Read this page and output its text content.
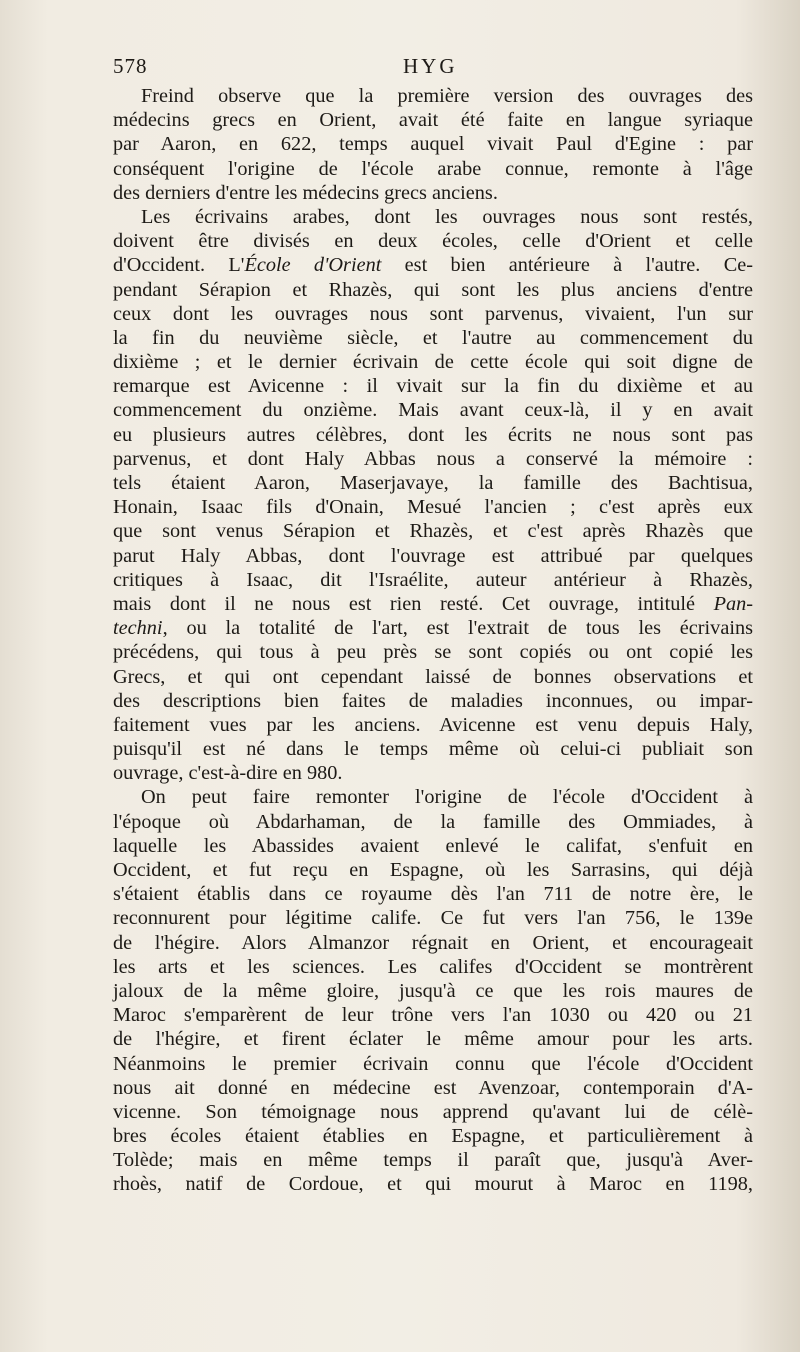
578	HYG
Freind observe que la première version des ouvrages des
médecins grecs en Orient, avait été faite en langue syriaque
par Aaron, en 622, temps auquel vivait Paul d'Egine : par
conséquent l'origine de l'école arabe connue, remonte à l'âge
des derniers d'entre les médecins grecs anciens.
Les écrivains arabes, dont les ouvrages nous sont restés,
doivent être divisés en deux écoles, celle d'Orient et celle
d'Occident. L'École d'Orient est bien antérieure à l'autre. Ce-
pendant Sérapion et Rhazès, qui sont les plus anciens d'entre
ceux dont les ouvrages nous sont parvenus, vivaient, l'un sur
la fin du neuvième siècle, et l'autre au commencement du
dixième ; et le dernier écrivain de cette école qui soit digne de
remarque est Avicenne : il vivait sur la fin du dixième et au
commencement du onzième. Mais avant ceux-là, il y en avait
eu plusieurs autres célèbres, dont les écrits ne nous sont pas
parvenus, et dont Haly Abbas nous a conservé la mémoire :
tels étaient Aaron, Maserjavaye, la famille des Bachtisua,
Honain, Isaac fils d'Onain, Mesué l'ancien ; c'est après eux
que sont venus Sérapion et Rhazès, et c'est après Rhazès que
parut Haly Abbas, dont l'ouvrage est attribué par quelques
critiques à Isaac, dit l'Israélite, auteur antérieur à Rhazès,
mais dont il ne nous est rien resté. Cet ouvrage, intitulé Pan-
techni, ou la totalité de l'art, est l'extrait de tous les écrivains
précédens, qui tous à peu près se sont copiés ou ont copié les
Grecs, et qui ont cependant laissé de bonnes observations et
des descriptions bien faites de maladies inconnues, ou impar-
faitement vues par les anciens. Avicenne est venu depuis Haly,
puisqu'il est né dans le temps même où celui-ci publiait son
ouvrage, c'est-à-dire en 980.
On peut faire remonter l'origine de l'école d'Occident à
l'époque où Abdarhaman, de la famille des Ommiades, à
laquelle les Abassides avaient enlevé le califat, s'enfuit en
Occident, et fut reçu en Espagne, où les Sarrasins, qui déjà
s'étaient établis dans ce royaume dès l'an 711 de notre ère, le
reconnurent pour légitime calife. Ce fut vers l'an 756, le 139e
de l'hégire. Alors Almanzor régnait en Orient, et encourageait
les arts et les sciences. Les califes d'Occident se montrèrent
jaloux de la même gloire, jusqu'à ce que les rois maures de
Maroc s'emparèrent de leur trône vers l'an 1030 ou 420 ou 21
de l'hégire, et firent éclater le même amour pour les arts.
Néanmoins le premier écrivain connu que l'école d'Occident
nous ait donné en médecine est Avenzoar, contemporain d'A-
vicenne. Son témoignage nous apprend qu'avant lui de célè-
bres écoles étaient établies en Espagne, et particulièrement à
Tolède; mais en même temps il paraît que, jusqu'à Aver-
rhoès, natif de Cordoue, et qui mourut à Maroc en 1198,
